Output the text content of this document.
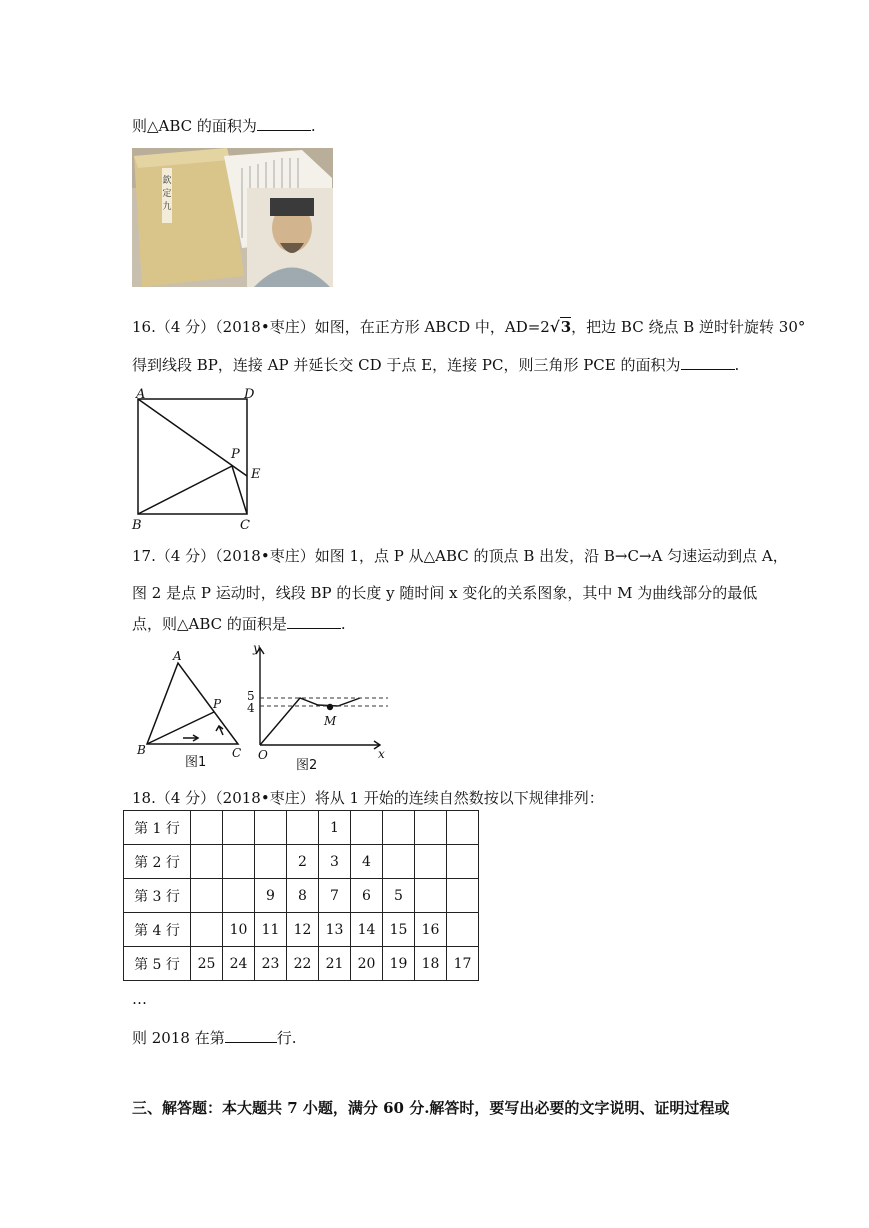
则△ABC 的面积为	.
欽
定
九
16.（4 分）（2018•枣庄）如图，在正方形 ABCD 中，AD=2√3，把边 BC 绕点 B 逆时针旋转 30°
得到线段 BP，连接 AP 并延长交 CD 于点 E，连接 PC，则三角形 PCE 的面积为	.
A	D
P
E
B	C
17.（4 分）（2018•枣庄）如图 1，点 P 从△ABC 的顶点 B 出发，沿 B→C→A 匀速运动到点 A，
图 2 是点 P 运动时，线段 BP 的长度 y 随时间 x 变化的关系图象，其中 M 为曲线部分的最低
点，则△ABC 的面积是	.
A
P
B	C
图1
y
x
O
5
4
M
图2
18.（4 分）（2018•枣庄）将从 1 开始的连续自然数按以下规律排列：
第 1 行					1				
第 2 行				2	3	4			
第 3 行			9	8	7	6	5		
第 4 行		10	11	12	13	14	15	16	
第 5 行	25	24	23	22	21	20	19	18	17
…
则 2018 在第	行.
三、解答题：本大题共 7 小题，满分 60 分.解答时，要写出必要的文字说明、证明过程或
